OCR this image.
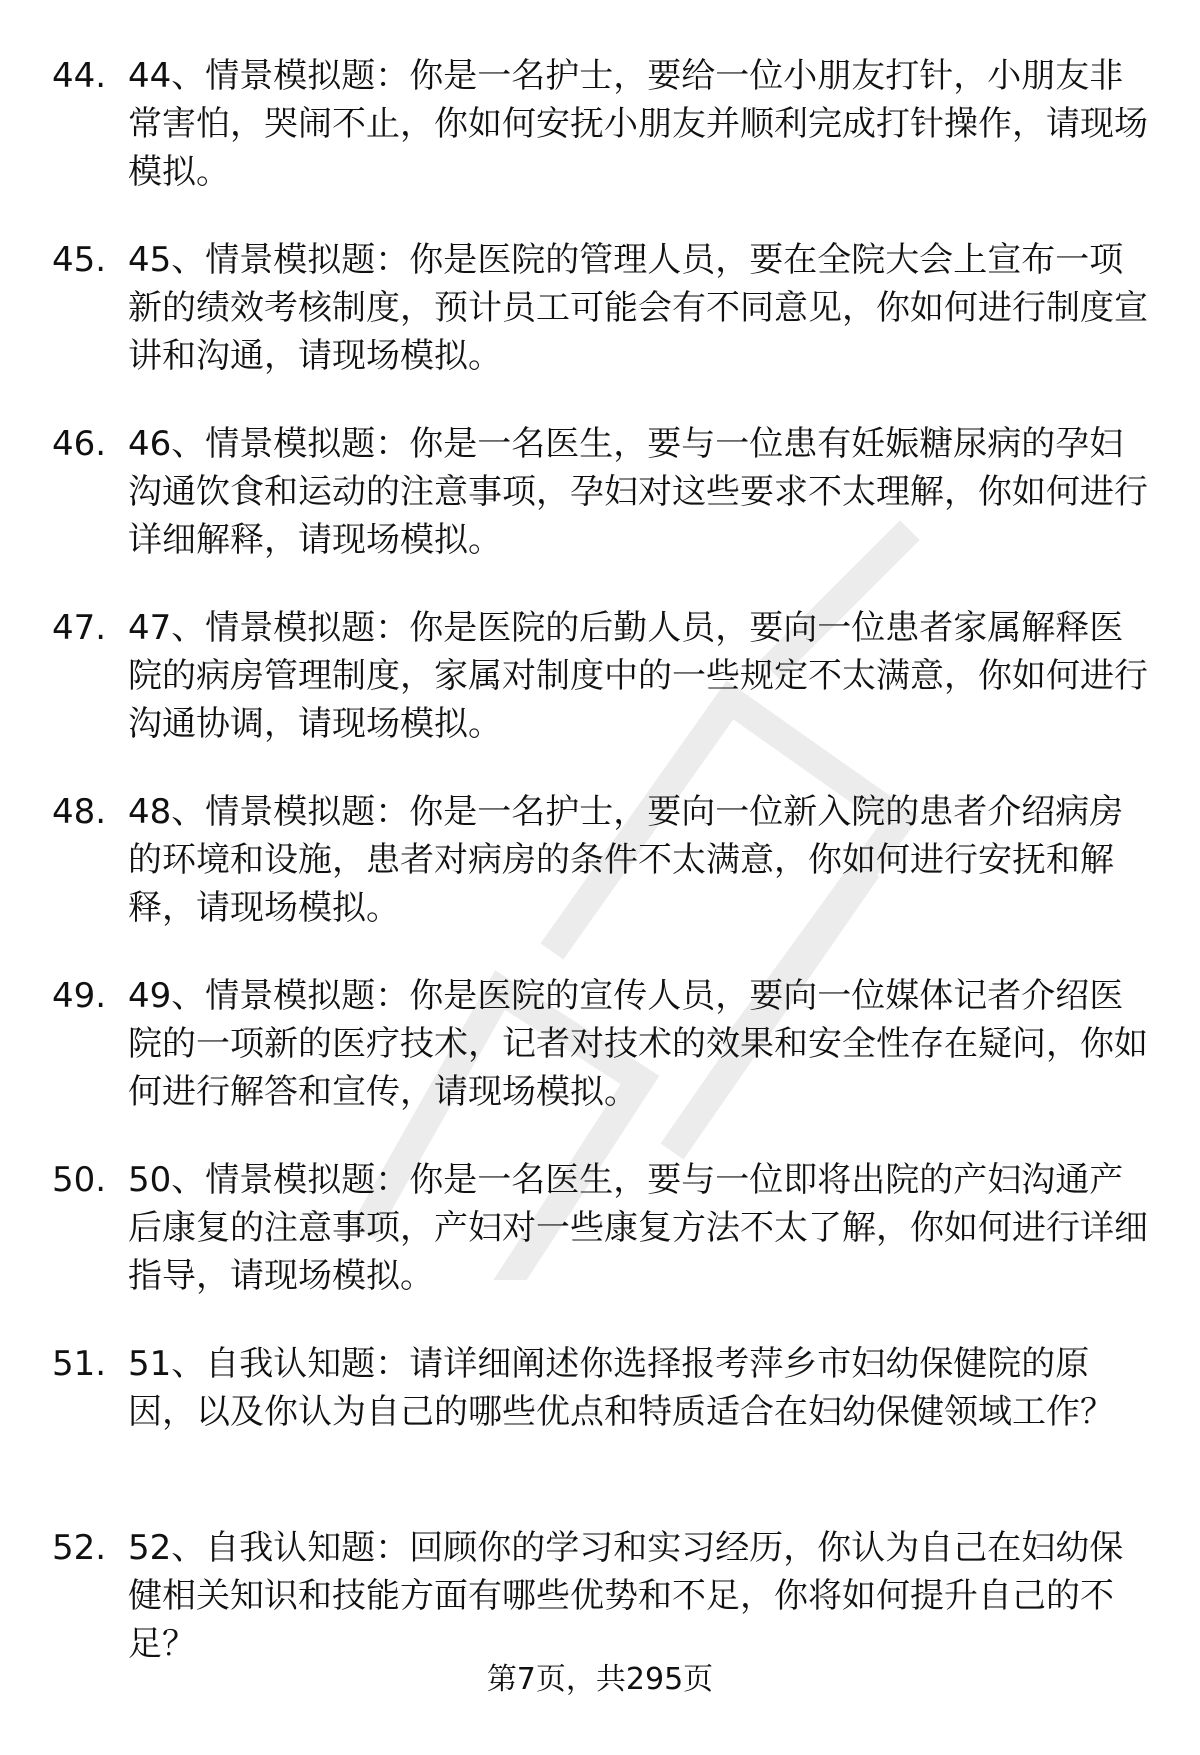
44. 44、情景模拟题：你是一名护士，要给一位小朋友打针，小朋友非常害怕，哭闹不止，你如何安抚小朋友并顺利完成打针操作，请现场模拟。
45. 45、情景模拟题：你是医院的管理人员，要在全院大会上宣布一项新的绩效考核制度，预计员工可能会有不同意见，你如何进行制度宣讲和沟通，请现场模拟。
46. 46、情景模拟题：你是一名医生，要与一位患有妊娠糖尿病的孕妇沟通饮食和运动的注意事项，孕妇对这些要求不太理解，你如何进行详细解释，请现场模拟。
47. 47、情景模拟题：你是医院的后勤人员，要向一位患者家属解释医院的病房管理制度，家属对制度中的一些规定不太满意，你如何进行沟通协调，请现场模拟。
48. 48、情景模拟题：你是一名护士，要向一位新入院的患者介绍病房的环境和设施，患者对病房的条件不太满意，你如何进行安抚和解释，请现场模拟。
49. 49、情景模拟题：你是医院的宣传人员，要向一位媒体记者介绍医院的一项新的医疗技术，记者对技术的效果和安全性存在疑问，你如何进行解答和宣传，请现场模拟。
50. 50、情景模拟题：你是一名医生，要与一位即将出院的产妇沟通产后康复的注意事项，产妇对一些康复方法不太了解，你如何进行详细指导，请现场模拟。
51. 51、自我认知题：请详细阐述你选择报考萍乡市妇幼保健院的原因，以及你认为自己的哪些优点和特质适合在妇幼保健领域工作？
52. 52、自我认知题：回顾你的学习和实习经历，你认为自己在妇幼保健相关知识和技能方面有哪些优势和不足，你将如何提升自己的不足？
第7页，共295页
